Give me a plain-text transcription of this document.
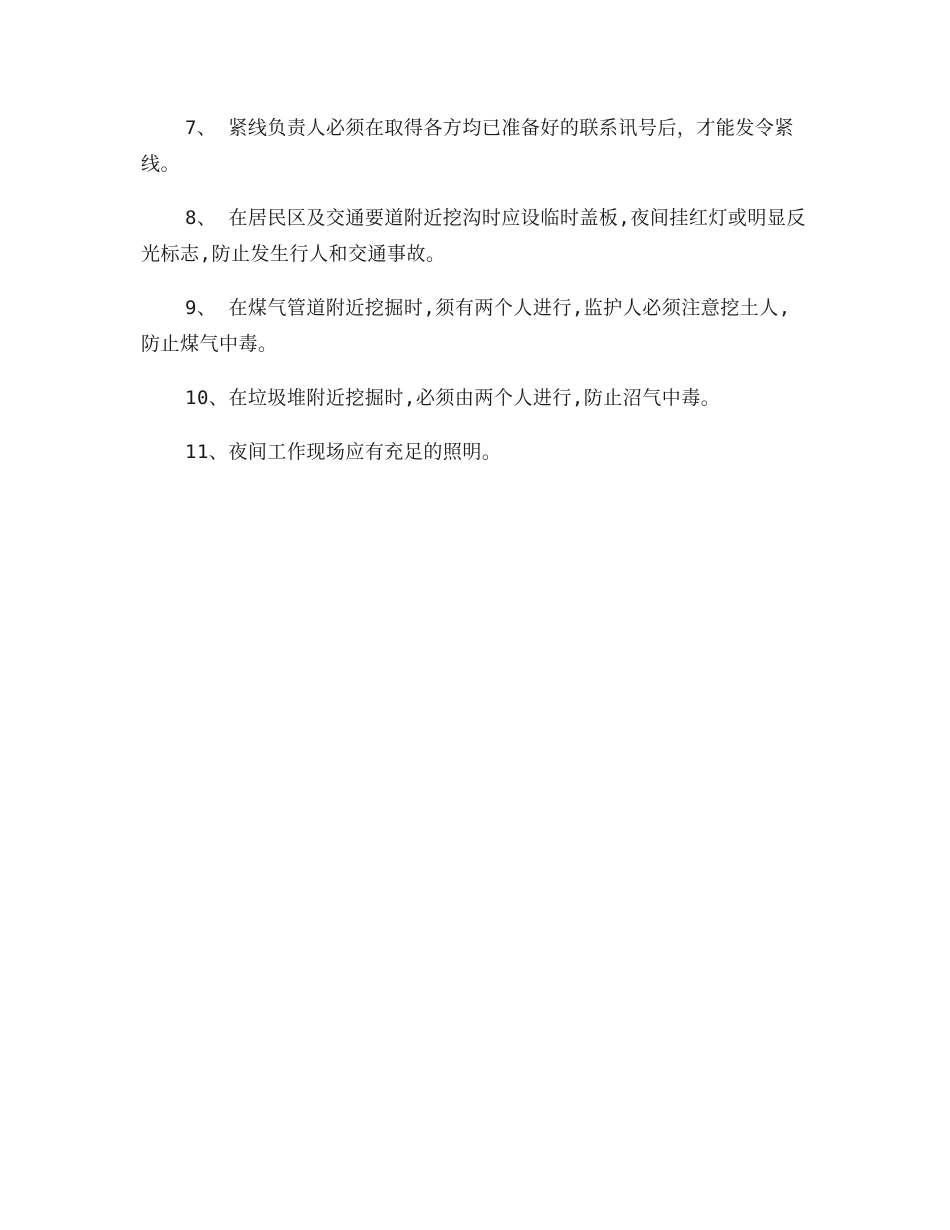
7、 紧线负责人必须在取得各方均已准备好的联系讯号后，才能发令紧线。

8、 在居民区及交通要道附近挖沟时应设临时盖板,夜间挂红灯或明显反光标志,防止发生行人和交通事故。

9、 在煤气管道附近挖掘时,须有两个人进行,监护人必须注意挖土人,防止煤气中毒。

10、在垃圾堆附近挖掘时,必须由两个人进行,防止沼气中毒。

11、夜间工作现场应有充足的照明。
